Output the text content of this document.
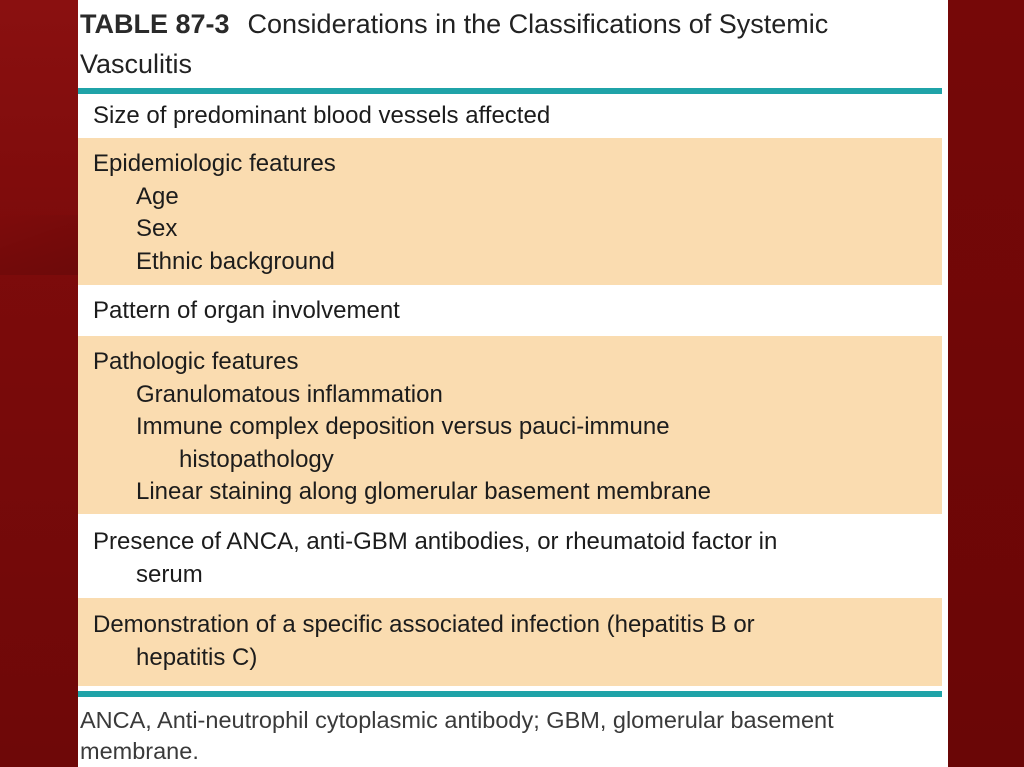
TABLE 87-3 Considerations in the Classifications of Systemic
Vasculitis
Size of predominant blood vessels affected
Epidemiologic features
Age
Sex
Ethnic background
Pattern of organ involvement
Pathologic features
Granulomatous inflammation
Immune complex deposition versus pauci-immune
histopathology
Linear staining along glomerular basement membrane
Presence of ANCA, anti-GBM antibodies, or rheumatoid factor in
serum
Demonstration of a specific associated infection (hepatitis B or
hepatitis C)
ANCA, Anti-neutrophil cytoplasmic antibody; GBM, glomerular basement
membrane.
